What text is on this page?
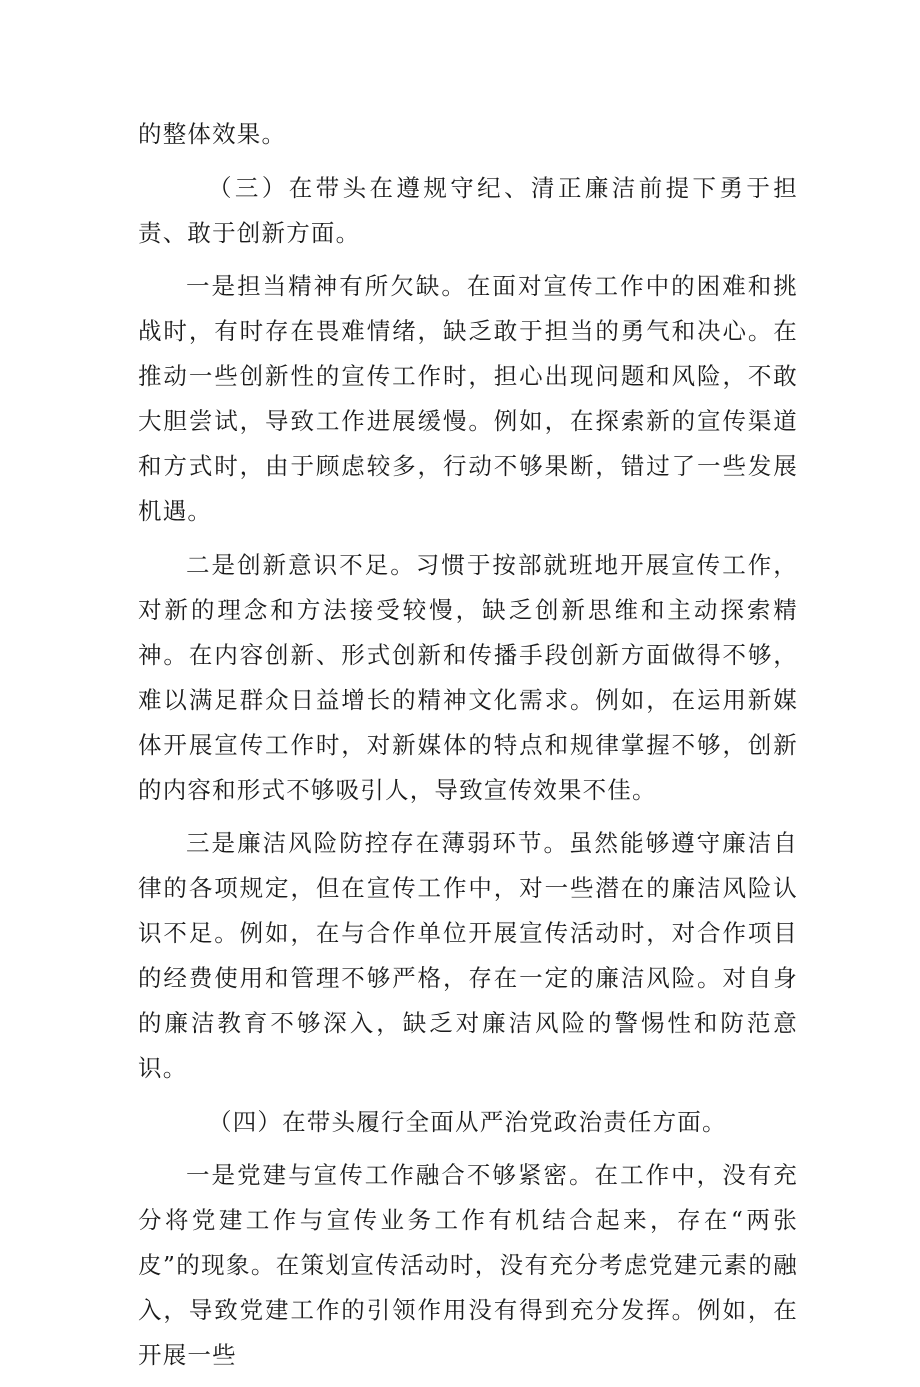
的整体效果。

（三）在带头在遵规守纪、清正廉洁前提下勇于担责、敢于创新方面。

一是担当精神有所欠缺。在面对宣传工作中的困难和挑战时，有时存在畏难情绪，缺乏敢于担当的勇气和决心。在推动一些创新性的宣传工作时，担心出现问题和风险，不敢大胆尝试，导致工作进展缓慢。例如，在探索新的宣传渠道和方式时，由于顾虑较多，行动不够果断，错过了一些发展机遇。

二是创新意识不足。习惯于按部就班地开展宣传工作，对新的理念和方法接受较慢，缺乏创新思维和主动探索精神。在内容创新、形式创新和传播手段创新方面做得不够，难以满足群众日益增长的精神文化需求。例如，在运用新媒体开展宣传工作时，对新媒体的特点和规律掌握不够，创新的内容和形式不够吸引人，导致宣传效果不佳。

三是廉洁风险防控存在薄弱环节。虽然能够遵守廉洁自律的各项规定，但在宣传工作中，对一些潜在的廉洁风险认识不足。例如，在与合作单位开展宣传活动时，对合作项目的经费使用和管理不够严格，存在一定的廉洁风险。对自身的廉洁教育不够深入，缺乏对廉洁风险的警惕性和防范意识。

（四）在带头履行全面从严治党政治责任方面。

一是党建与宣传工作融合不够紧密。在工作中，没有充分将党建工作与宣传业务工作有机结合起来，存在“两张皮”的现象。在策划宣传活动时，没有充分考虑党建元素的融入，导致党建工作的引领作用没有得到充分发挥。例如，在开展一些
